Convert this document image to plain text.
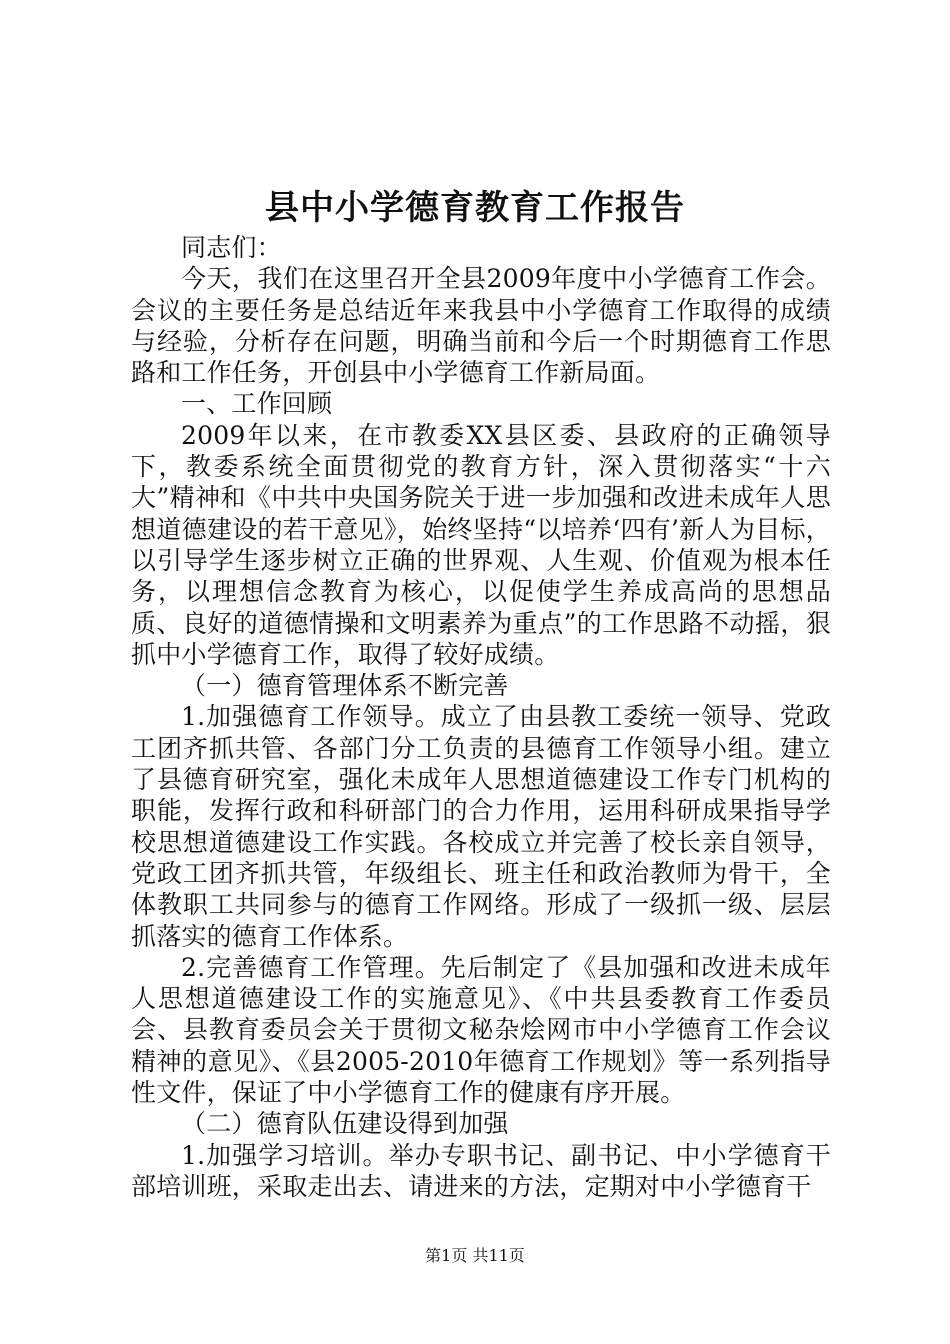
县中小学德育教育工作报告

同志们：

今天，我们在这里召开全县2009年度中小学德育工作会。会议的主要任务是总结近年来我县中小学德育工作取得的成绩与经验，分析存在问题，明确当前和今后一个时期德育工作思路和工作任务，开创县中小学德育工作新局面。

一、工作回顾

2009年以来，在市教委XX县区委、县政府的正确领导下，教委系统全面贯彻党的教育方针，深入贯彻落实“十六大”精神和《中共中央国务院关于进一步加强和改进未成年人思想道德建设的若干意见》，始终坚持“以培养‘四有’新人为目标，以引导学生逐步树立正确的世界观、人生观、价值观为根本任务，以理想信念教育为核心，以促使学生养成高尚的思想品质、良好的道德情操和文明素养为重点”的工作思路不动摇，狠抓中小学德育工作，取得了较好成绩。

（一）德育管理体系不断完善

1.加强德育工作领导。成立了由县教工委统一领导、党政工团齐抓共管、各部门分工负责的县德育工作领导小组。建立了县德育研究室，强化未成年人思想道德建设工作专门机构的职能，发挥行政和科研部门的合力作用，运用科研成果指导学校思想道德建设工作实践。各校成立并完善了校长亲自领导，党政工团齐抓共管，年级组长、班主任和政治教师为骨干，全体教职工共同参与的德育工作网络。形成了一级抓一级、层层抓落实的德育工作体系。

2.完善德育工作管理。先后制定了《县加强和改进未成年人思想道德建设工作的实施意见》、《中共县委教育工作委员会、县教育委员会关于贯彻文秘杂烩网市中小学德育工作会议精神的意见》、《县2005-2010年德育工作规划》等一系列指导性文件，保证了中小学德育工作的健康有序开展。

（二）德育队伍建设得到加强

1.加强学习培训。举办专职书记、副书记、中小学德育干部培训班，采取走出去、请进来的方法，定期对中小学德育干

第1页 共11页
